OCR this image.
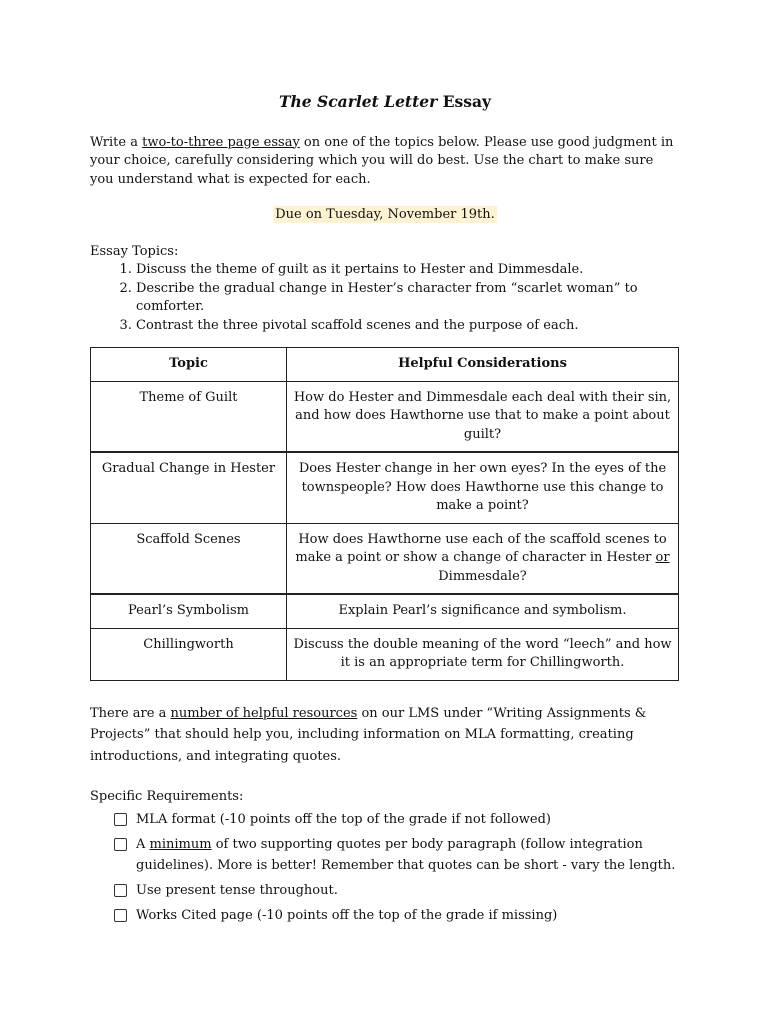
The Scarlet Letter Essay

Write a two-to-three page essay on one of the topics below. Please use good judgment in your choice, carefully considering which you will do best. Use the chart to make sure you understand what is expected for each.

Due on Tuesday, November 19th.

Essay Topics:

1. Discuss the theme of guilt as it pertains to Hester and Dimmesdale.
2. Describe the gradual change in Hester’s character from “scarlet woman” to comforter.
3. Contrast the three pivotal scaffold scenes and the purpose of each.
Topic	Helpful Considerations
Theme of Guilt	How do Hester and Dimmesdale each deal with their sin, and how does Hawthorne use that to make a point about guilt?
Gradual Change in Hester	Does Hester change in her own eyes? In the eyes of the townspeople? How does Hawthorne use this change to make a point?
Scaffold Scenes	How does Hawthorne use each of the scaffold scenes to make a point or show a change of character in Hester or Dimmesdale?
Pearl’s Symbolism	Explain Pearl’s significance and symbolism.
Chillingworth	Discuss the double meaning of the word “leech” and how it is an appropriate term for Chillingworth.

There are a number of helpful resources on our LMS under “Writing Assignments & Projects” that should help you, including information on MLA formatting, creating introductions, and integrating quotes.

Specific Requirements:

MLA format (-10 points off the top of the grade if not followed)
A minimum of two supporting quotes per body paragraph (follow integration guidelines). More is better! Remember that quotes can be short - vary the length.
Use present tense throughout.
Works Cited page (-10 points off the top of the grade if missing)
